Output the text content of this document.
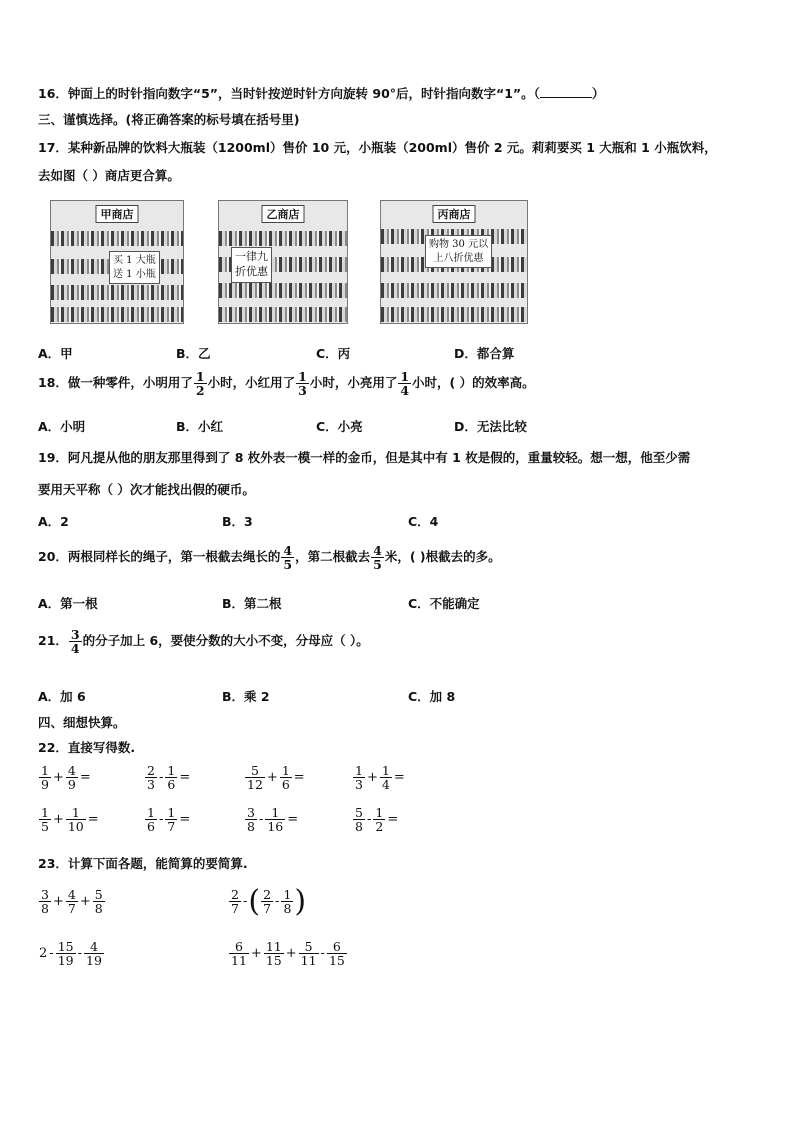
16．钟面上的时针指向数字“5”，当时针按逆时针方向旋转 90°后，时针指向数字“1”。（	）
三、谨慎选择。(将正确答案的标号填在括号里)
17．某种新品牌的饮料大瓶装（1200ml）售价 10 元，小瓶装（200ml）售价 2 元。莉莉要买 1 大瓶和 1 小瓶饮料，
去如图（ ）商店更合算。
甲商店
买 1 大瓶
送 1 小瓶
乙商店
一律九
折优惠
丙商店
购物 30 元以
上八折优惠
A．甲	B．乙	C．丙	D．都合算
18．做一种零件，小明用了 $\frac{1}{2}$ 小时，小红用了 $\frac{1}{3}$ 小时，小亮用了 $\frac{1}{4}$ 小时，( ）的效率高。
A．小明	B．小红	C．小亮	D．无法比较
19．阿凡提从他的朋友那里得到了 8 枚外表一模一样的金币，但是其中有 1 枚是假的，重量较轻。想一想，他至少需
要用天平称（ ）次才能找出假的硬币。
A．2	B．3	C．4
20．两根同样长的绳子，第一根截去绳长的 $\frac{4}{5}$ ，第二根截去 $\frac{4}{5}$ 米，( )根截去的多。
A．第一根	B．第二根	C．不能确定
21． $\frac{3}{4}$ 的分子加上 6，要使分数的大小不变，分母应（ ）。
A．加 6	B．乘 2	C．加 8
四、细想快算。
22．直接写得数.
$\frac{1}{9} + \frac{4}{9}$ =	$\frac{2}{3} - \frac{1}{6}$ =	$\frac{5}{12} + \frac{1}{6}$ =	$\frac{1}{3} + \frac{1}{4}$ =
$\frac{1}{5} + \frac{1}{10}$ =	$\frac{1}{6} - \frac{1}{7}$ =	$\frac{3}{8} - \frac{1}{16}$ =	$\frac{5}{8} - \frac{1}{2}$ =
23．计算下面各题，能简算的要简算.
$\frac{3}{8} + \frac{4}{7} + \frac{5}{8}$	$\frac{2}{7}$ -( $\frac{2}{7} - \frac{1}{8}$ )
$2 - \frac{15}{19} - \frac{4}{19}$	$\frac{6}{11} + \frac{11}{15} + \frac{5}{11} - \frac{6}{15}$
